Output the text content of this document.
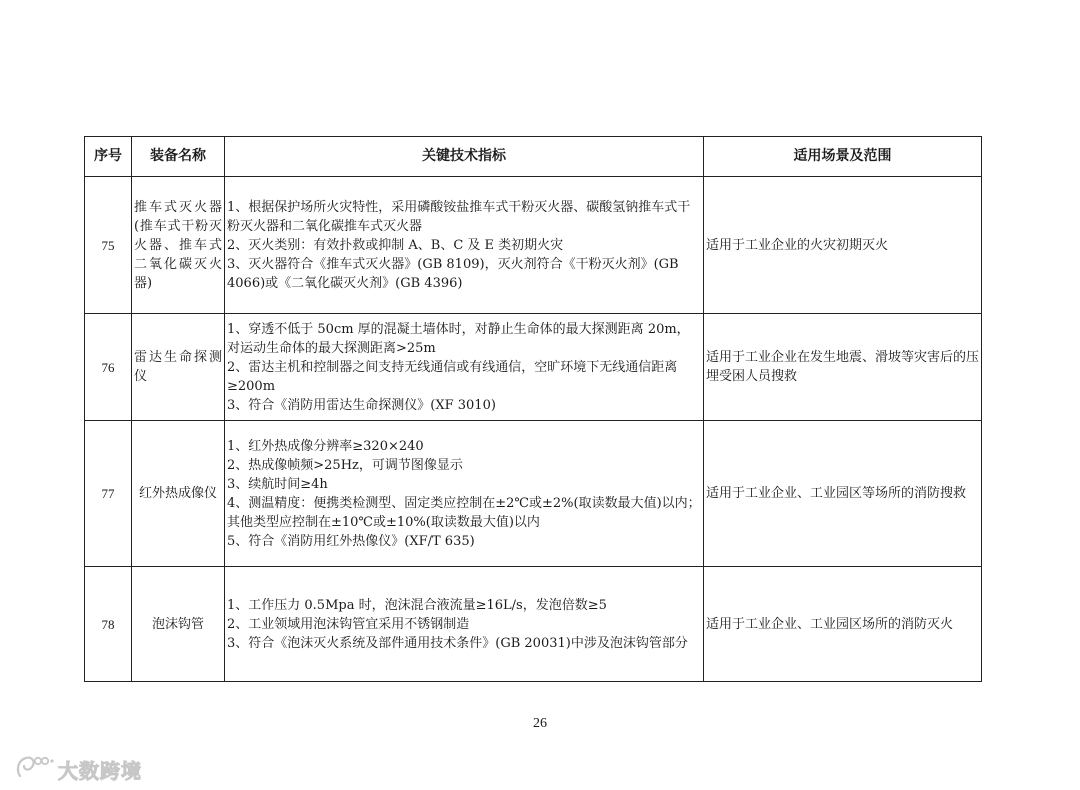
序号	装备名称	关键技术指标	适用场景及范围
75	推车式灭火器(推车式干粉灭火器、推车式二氧化碳灭火器)	1、根据保护场所火灾特性，采用磷酸铵盐推车式干粉灭火器、碳酸氢钠推车式干粉灭火器和二氧化碳推车式灭火器
2、灭火类别：有效扑救或抑制 A、B、C 及 E 类初期火灾
3、灭火器符合《推车式灭火器》(GB 8109)，灭火剂符合《干粉灭火剂》(GB 4066)或《二氧化碳灭火剂》(GB 4396)	适用于工业企业的火灾初期灭火
76	雷达生命探测仪	1、穿透不低于 50cm 厚的混凝土墙体时，对静止生命体的最大探测距离 20m，对运动生命体的最大探测距离>25m
2、雷达主机和控制器之间支持无线通信或有线通信，空旷环境下无线通信距离≥200m
3、符合《消防用雷达生命探测仪》(XF 3010)	适用于工业企业在发生地震、滑坡等灾害后的压埋受困人员搜救
77	红外热成像仪	1、红外热成像分辨率≥320×240
2、热成像帧频>25Hz，可调节图像显示
3、续航时间≥4h
4、测温精度：便携类检测型、固定类应控制在±2℃或±2%(取读数最大值)以内；其他类型应控制在±10℃或±10%(取读数最大值)以内
5、符合《消防用红外热像仪》(XF/T 635)	适用于工业企业、工业园区等场所的消防搜救
78	泡沫钩管	1、工作压力 0.5Mpa 时，泡沫混合液流量≥16L/s，发泡倍数≥5
2、工业领域用泡沫钩管宜采用不锈钢制造
3、符合《泡沫灭火系统及部件通用技术条件》(GB 20031)中涉及泡沫钩管部分	适用于工业企业、工业园区场所的消防灭火
26
大数跨境
